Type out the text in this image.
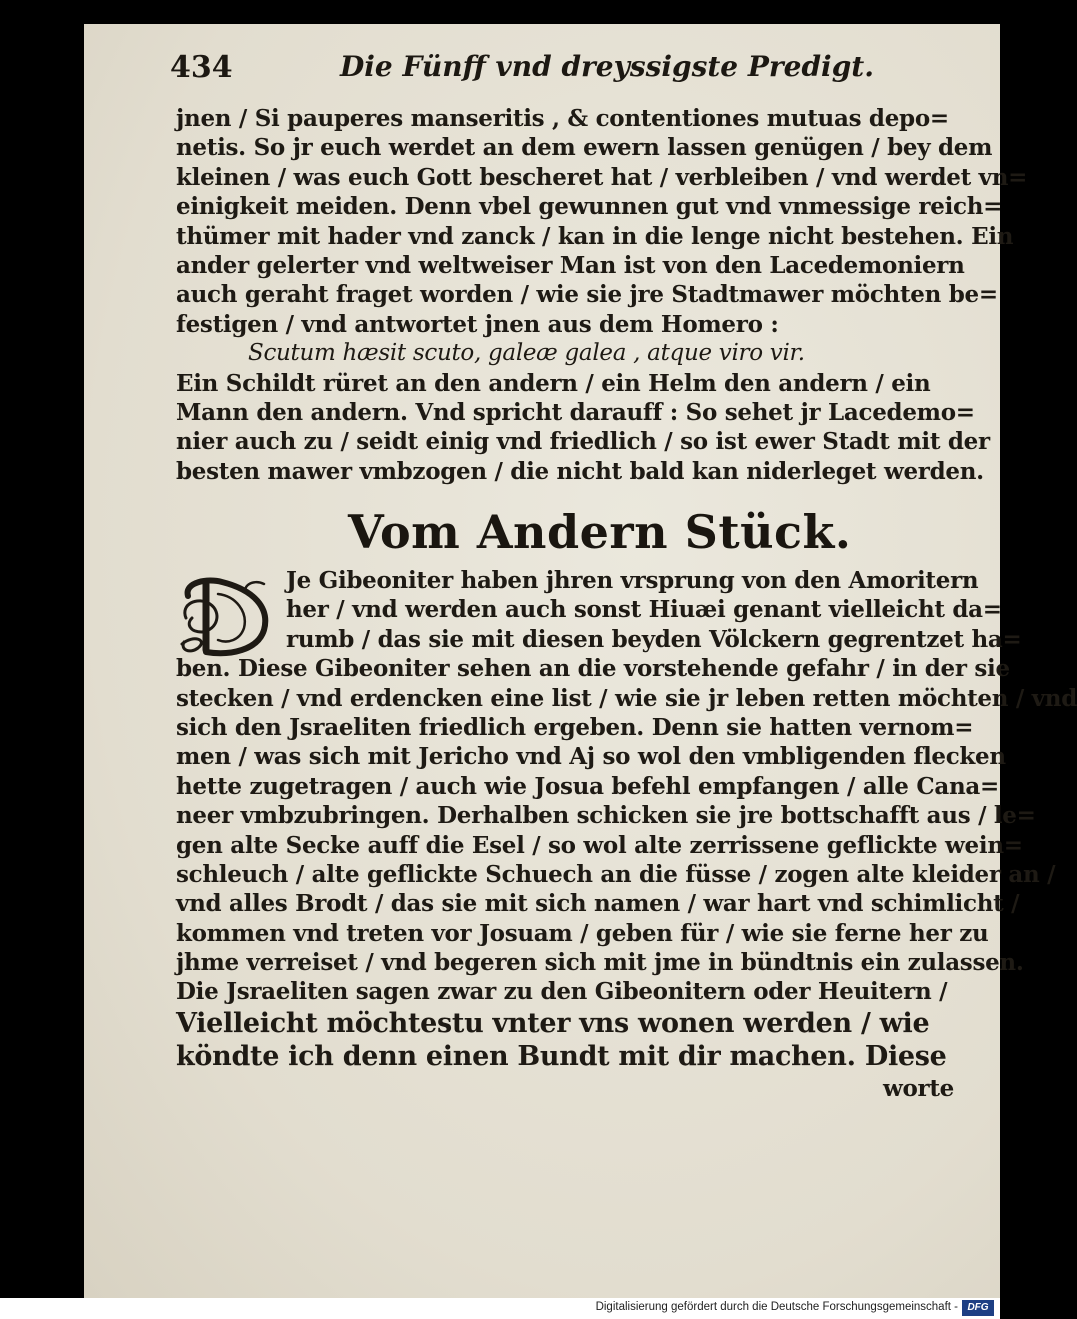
434	Die Fünff vnd dreyssigste Predigt.
jnen / Si pauperes manseritis , & contentiones mutuas depo=
netis. So jr euch werdet an dem ewern lassen genügen / bey dem
kleinen / was euch Gott bescheret hat / verbleiben / vnd werdet vn=
einigkeit meiden. Denn vbel gewunnen gut vnd vnmessige reich=
thümer mit hader vnd zanck / kan in die lenge nicht bestehen. Ein
ander gelerter vnd weltweiser Man ist von den Lacedemoniern
auch geraht fraget worden / wie sie jre Stadtmawer möchten be=
festigen / vnd antwortet jnen aus dem Homero :
Scutum hæsit scuto, galeæ galea , atque viro vir.
Ein Schildt rüret an den andern / ein Helm den andern / ein
Mann den andern. Vnd spricht darauff : So sehet jr Lacedemo=
nier auch zu / seidt einig vnd friedlich / so ist ewer Stadt mit der
besten mawer vmbzogen / die nicht bald kan niderleget werden.
Vom Andern Stück.
Je Gibeoniter haben jhren vrsprung von den Amoritern
her / vnd werden auch sonst Hiuæi genant vielleicht da=
rumb / das sie mit diesen beyden Völckern gegrentzet ha=
ben. Diese Gibeoniter sehen an die vorstehende gefahr / in der sie
stecken / vnd erdencken eine list / wie sie jr leben retten möchten / vnd
sich den Jsraeliten friedlich ergeben. Denn sie hatten vernom=
men / was sich mit Jericho vnd Aj so wol den vmbligenden flecken
hette zugetragen / auch wie Josua befehl empfangen / alle Cana=
neer vmbzubringen. Derhalben schicken sie jre bottschafft aus / le=
gen alte Secke auff die Esel / so wol alte zerrissene geflickte wein=
schleuch / alte geflickte Schuech an die füsse / zogen alte kleider an /
vnd alles Brodt / das sie mit sich namen / war hart vnd schimlicht /
kommen vnd treten vor Josuam / geben für / wie sie ferne her zu
jhme verreiset / vnd begeren sich mit jme in bündtnis ein zulassen.
Die Jsraeliten sagen zwar zu den Gibeonitern oder Heuitern /
Vielleicht möchtestu vnter vns wonen werden / wie
köndte ich denn einen Bundt mit dir machen. Diese
worte
Digitalisierung gefördert durch die Deutsche Forschungsgemeinschaft - DFG
